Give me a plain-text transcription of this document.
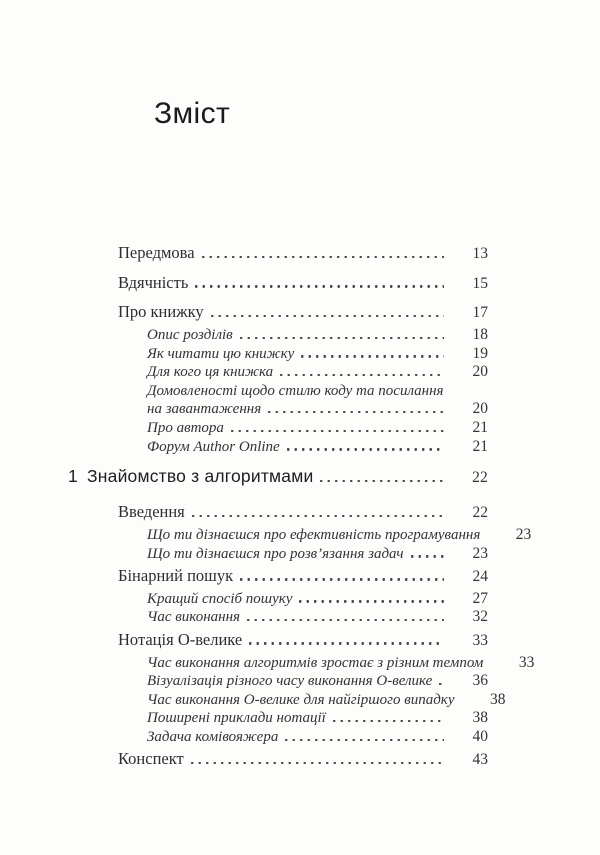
Зміст
Передмова	13
Вдячність	15
Про книжку	17
Опис розділів	18
Як читати цю книжку	19
Для кого ця книжка	20
Домовленості щодо стилю коду та посилання
на завантаження	20
Про автора	21
Форум Author Online	21
1 Знайомство з алгоритмами	22
Введення	22
Що ти дізнаєшся про ефективність програмування	23
Що ти дізнаєшся про розв’язання задач	23
Бінарний пошук	24
Кращий спосіб пошуку	27
Час виконання	32
Нотація О-велике	33
Час виконання алгоритмів зростає з різним темпом	33
Візуалізація різного часу виконання О-велике	36
Час виконання О-велике для найгіршого випадку	38
Поширені приклади нотації	38
Задача комівояжера	40
Конспект	43
